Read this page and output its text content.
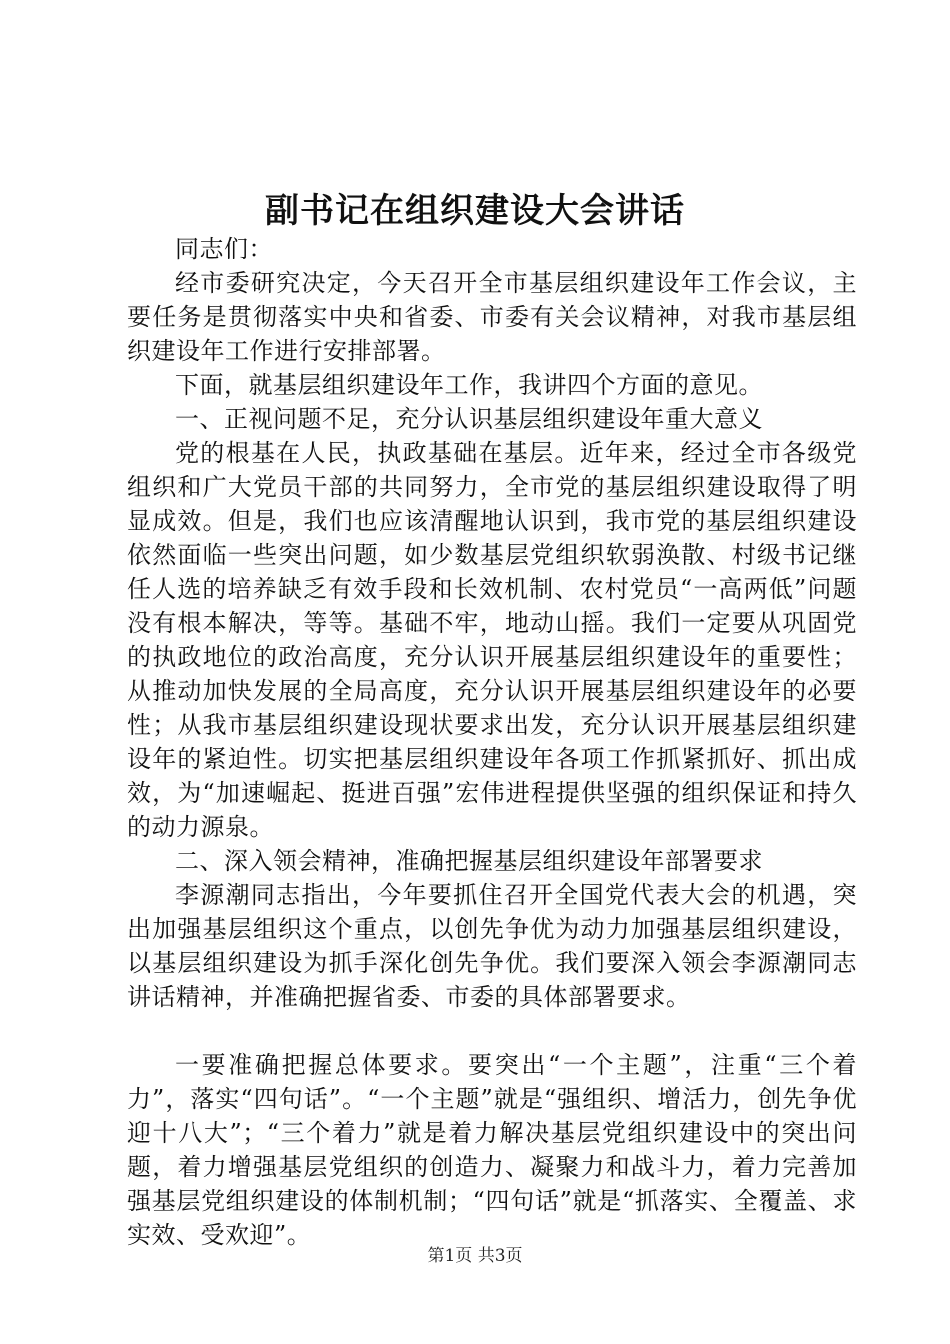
副书记在组织建设大会讲话

同志们：

经市委研究决定，今天召开全市基层组织建设年工作会议，主要任务是贯彻落实中央和省委、市委有关会议精神，对我市基层组织建设年工作进行安排部署。

下面，就基层组织建设年工作，我讲四个方面的意见。

一、正视问题不足，充分认识基层组织建设年重大意义

党的根基在人民，执政基础在基层。近年来，经过全市各级党组织和广大党员干部的共同努力，全市党的基层组织建设取得了明显成效。但是，我们也应该清醒地认识到，我市党的基层组织建设依然面临一些突出问题，如少数基层党组织软弱涣散、村级书记继任人选的培养缺乏有效手段和长效机制、农村党员“一高两低”问题没有根本解决，等等。基础不牢，地动山摇。我们一定要从巩固党的执政地位的政治高度，充分认识开展基层组织建设年的重要性；从推动加快发展的全局高度，充分认识开展基层组织建设年的必要性；从我市基层组织建设现状要求出发，充分认识开展基层组织建设年的紧迫性。切实把基层组织建设年各项工作抓紧抓好、抓出成效，为“加速崛起、挺进百强”宏伟进程提供坚强的组织保证和持久的动力源泉。

二、深入领会精神，准确把握基层组织建设年部署要求

李源潮同志指出，今年要抓住召开全国党代表大会的机遇，突出加强基层组织这个重点，以创先争优为动力加强基层组织建设，以基层组织建设为抓手深化创先争优。我们要深入领会李源潮同志讲话精神，并准确把握省委、市委的具体部署要求。

一要准确把握总体要求。要突出“一个主题”，注重“三个着力”，落实“四句话”。“一个主题”就是“强组织、增活力，创先争优迎十八大”；“三个着力”就是着力解决基层党组织建设中的突出问题，着力增强基层党组织的创造力、凝聚力和战斗力，着力完善加强基层党组织建设的体制机制；“四句话”就是“抓落实、全覆盖、求实效、受欢迎”。

第1页 共3页
